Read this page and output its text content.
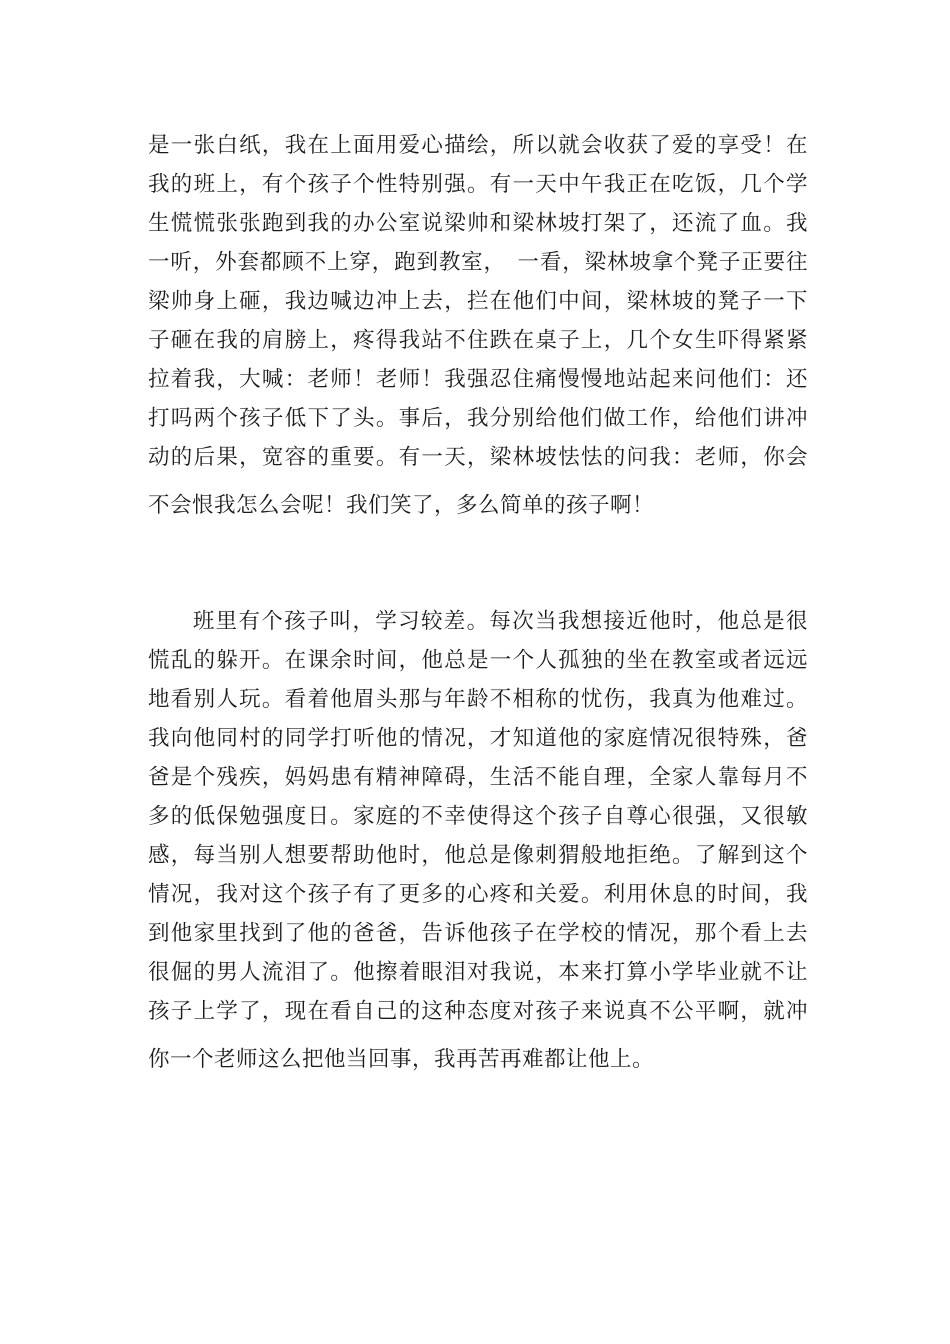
是一张白纸，我在上面用爱心描绘，所以就会收获了爱的享受！在
我的班上，有个孩子个性特别强。有一天中午我正在吃饭，几个学
生慌慌张张跑到我的办公室说梁帅和梁林坡打架了，还流了血。我
一听，外套都顾不上穿，跑到教室，　一看，梁林坡拿个凳子正要往
梁帅身上砸，我边喊边冲上去，拦在他们中间，梁林坡的凳子一下
子砸在我的肩膀上，疼得我站不住跌在桌子上，几个女生吓得紧紧
拉着我，大喊：老师！老师！我强忍住痛慢慢地站起来问他们：还
打吗两个孩子低下了头。事后，我分别给他们做工作，给他们讲冲
动的后果，宽容的重要。有一天，梁林坡怯怯的问我：老师，你会
不会恨我怎么会呢！我们笑了，多么简单的孩子啊！
班里有个孩子叫，学习较差。每次当我想接近他时，他总是很
慌乱的躲开。在课余时间，他总是一个人孤独的坐在教室或者远远
地看别人玩。看着他眉头那与年龄不相称的忧伤，我真为他难过。
我向他同村的同学打听他的情况，才知道他的家庭情况很特殊，爸
爸是个残疾，妈妈患有精神障碍，生活不能自理，全家人靠每月不
多的低保勉强度日。家庭的不幸使得这个孩子自尊心很强，又很敏
感，每当别人想要帮助他时，他总是像刺猬般地拒绝。了解到这个
情况，我对这个孩子有了更多的心疼和关爱。利用休息的时间，我
到他家里找到了他的爸爸，告诉他孩子在学校的情况，那个看上去
很倔的男人流泪了。他擦着眼泪对我说，本来打算小学毕业就不让
孩子上学了，现在看自己的这种态度对孩子来说真不公平啊，就冲
你一个老师这么把他当回事，我再苦再难都让他上。
